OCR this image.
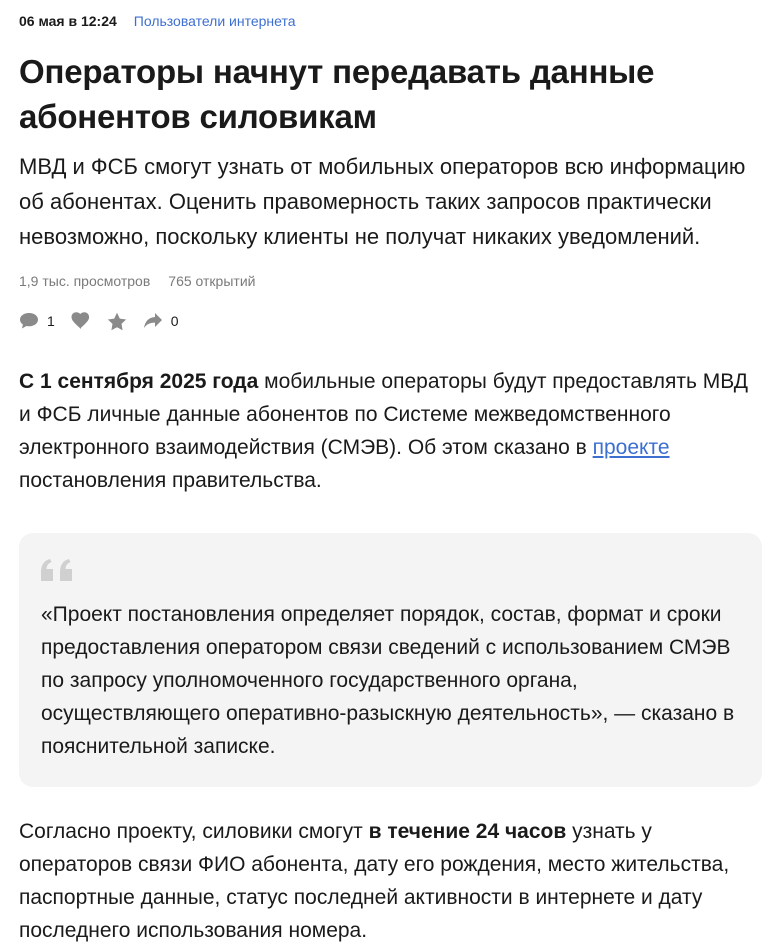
06 мая в 12:24 Пользователи интернета
Операторы начнут передавать данные
абонентов силовикам

МВД и ФСБ смогут узнать от мобильных операторов всю информацию
об абонентах. Оценить правомерность таких запросов практически
невозможно, поскольку клиенты не получат никаких уведомлений.

1,9 тыс. просмотров 765 открытий
1	0

С 1 сентября 2025 года мобильные операторы будут предоставлять МВД и ФСБ личные данные абонентов по Системе межведомственного электронного взаимодействия (СМЭВ). Об этом сказано в проекте постановления правительства.

«Проект постановления определяет порядок, состав, формат и сроки предоставления оператором связи сведений с использованием СМЭВ по запросу уполномоченного государственного органа, осуществляющего оперативно-разыскную деятельность», — сказано в пояснительной записке.

Согласно проекту, силовики смогут в течение 24 часов узнать у операторов связи ФИО абонента, дату его рождения, место жительства, паспортные данные, статус последней активности в интернете и дату последнего использования номера.
